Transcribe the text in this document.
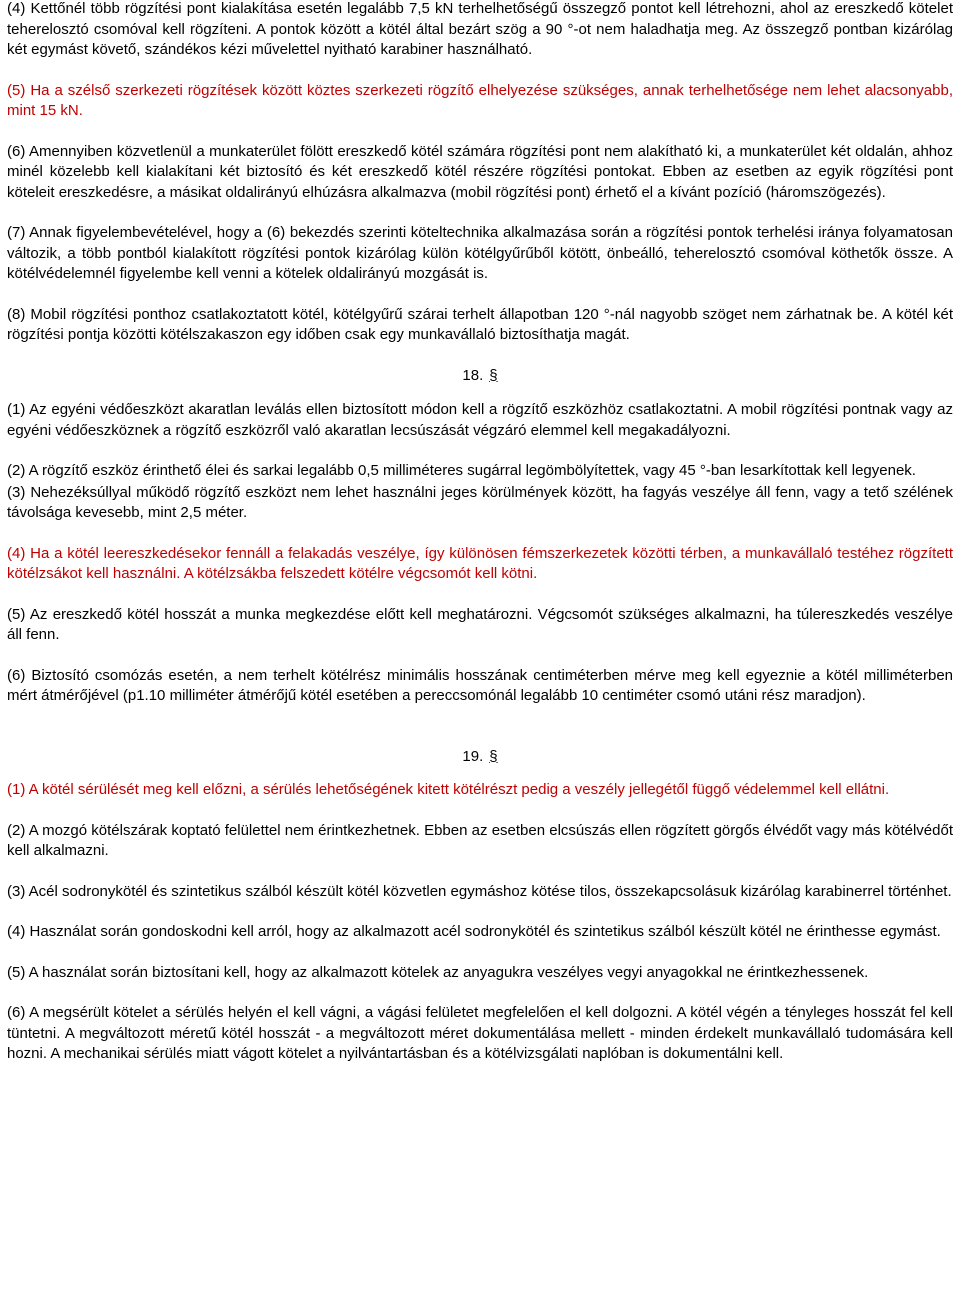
(4) Kettőnél több rögzítési pont kialakítása esetén legalább 7,5 kN terhelhetőségű összegző pontot kell létrehozni, ahol az ereszkedő kötelet teherelosztó csomóval kell rögzíteni. A pontok között a kötél által bezárt szög a 90 °-ot nem haladhatja meg. Az összegző pontban kizárólag két egymást követő, szándékos kézi művelettel nyitható karabiner használható.

(5) Ha a szélső szerkezeti rögzítések között köztes szerkezeti rögzítő elhelyezése szükséges, annak terhelhetősége nem lehet alacsonyabb, mint 15 kN.

(6) Amennyiben közvetlenül a munkaterület fölött ereszkedő kötél számára rögzítési pont nem alakítható ki, a munkaterület két oldalán, ahhoz minél közelebb kell kialakítani két biztosító és két ereszkedő kötél részére rögzítési pontokat. Ebben az esetben az egyik rögzítési pont köteleit ereszkedésre, a másikat oldalirányú elhúzásra alkalmazva (mobil rögzítési pont) érhető el a kívánt pozíció (háromszögezés).

(7) Annak figyelembevételével, hogy a (6) bekezdés szerinti köteltechnika alkalmazása során a rögzítési pontok terhelési iránya folyamatosan változik, a több pontból kialakított rögzítési pontok kizárólag külön kötélgyűrűből kötött, önbeálló, teherelosztó csomóval köthetők össze. A kötélvédelemnél figyelembe kell venni a kötelek oldalirányú mozgását is.

(8) Mobil rögzítési ponthoz csatlakoztatott kötél, kötélgyűrű szárai terhelt állapotban 120 °-nál nagyobb szöget nem zárhatnak be. A kötél két rögzítési pontja közötti kötélszakaszon egy időben csak egy munkavállaló biztosíthatja magát.

18. §

(1) Az egyéni védőeszközt akaratlan leválás ellen biztosított módon kell a rögzítő eszközhöz csatlakoztatni. A mobil rögzítési pontnak vagy az egyéni védőeszköznek a rögzítő eszközről való akaratlan lecsúszását végzáró elemmel kell megakadályozni.

(2) A rögzítő eszköz érinthető élei és sarkai legalább 0,5 milliméteres sugárral legömbölyítettek, vagy 45 °-ban lesarkítottak kell legyenek.

(3) Nehezéksúllyal működő rögzítő eszközt nem lehet használni jeges körülmények között, ha fagyás veszélye áll fenn, vagy a tető szélének távolsága kevesebb, mint 2,5 méter.

(4) Ha a kötél leereszkedésekor fennáll a felakadás veszélye, így különösen fémszerkezetek közötti térben, a munkavállaló testéhez rögzített kötélzsákot kell használni. A kötélzsákba felszedett kötélre végcsomót kell kötni.

(5) Az ereszkedő kötél hosszát a munka megkezdése előtt kell meghatározni. Végcsomót szükséges alkalmazni, ha túlereszkedés veszélye áll fenn.

(6) Biztosító csomózás esetén, a nem terhelt kötélrész minimális hosszának centiméterben mérve meg kell egyeznie a kötél milliméterben mért átmérőjével (p1.10 milliméter átmérőjű kötél esetében a pereccsomónál legalább 10 centiméter csomó utáni rész maradjon).

19. §

(1) A kötél sérülését meg kell előzni, a sérülés lehetőségének kitett kötélrészt pedig a veszély jellegétől függő védelemmel kell ellátni.

(2) A mozgó kötélszárak koptató felülettel nem érintkezhetnek. Ebben az esetben elcsúszás ellen rögzített görgős élvédőt vagy más kötélvédőt kell alkalmazni.

(3) Acél sodronykötél és szintetikus szálból készült kötél közvetlen egymáshoz kötése tilos, összekapcsolásuk kizárólag karabinerrel történhet.

(4) Használat során gondoskodni kell arról, hogy az alkalmazott acél sodronykötél és szintetikus szálból készült kötél ne érinthesse egymást.

(5) A használat során biztosítani kell, hogy az alkalmazott kötelek az anyagukra veszélyes vegyi anyagokkal ne érintkezhessenek.

(6) A megsérült kötelet a sérülés helyén el kell vágni, a vágási felületet megfelelően el kell dolgozni. A kötél végén a tényleges hosszát fel kell tüntetni. A megváltozott méretű kötél hosszát - a megváltozott méret dokumentálása mellett - minden érdekelt munkavállaló tudomására kell hozni. A mechanikai sérülés miatt vágott kötelet a nyilvántartásban és a kötélvizsgálati naplóban is dokumentálni kell.
